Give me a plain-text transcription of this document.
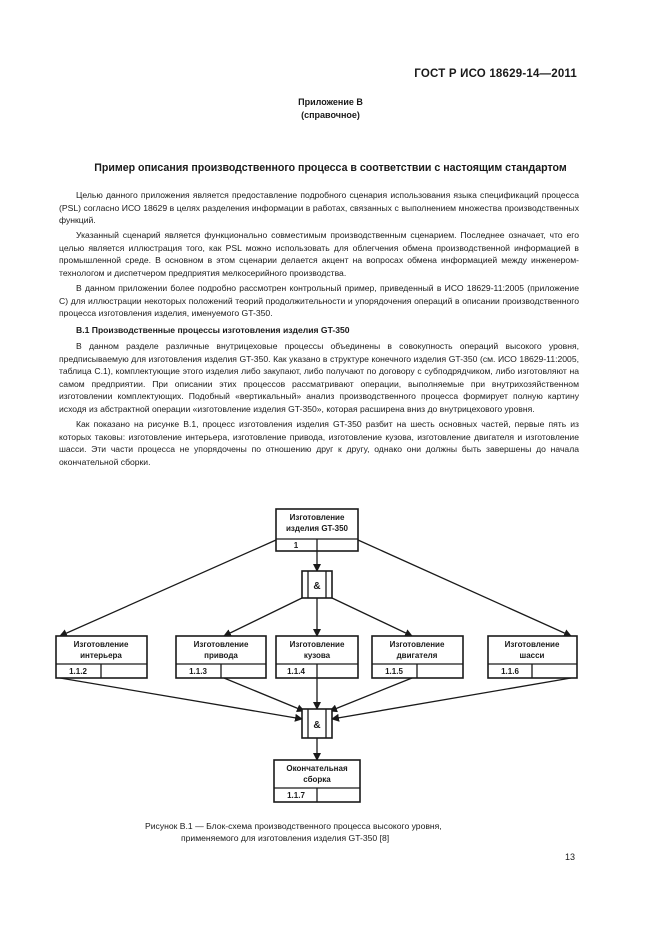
ГОСТ Р ИСО 18629-14—2011
Приложение В
(справочное)
Пример описания производственного процесса в соответствии с настоящим стандартом

Целью данного приложения является предоставление подробного сценария использования языка спецификаций процесса (PSL) согласно ИСО 18629 в целях разделения информации в работах, связанных с выполнением множества производственных функций.

Указанный сценарий является функционально совместимым производственным сценарием. Последнее означает, что его целью является иллюстрация того, как PSL можно использовать для облегчения обмена производственной информацией в промышленной среде. В основном в этом сценарии делается акцент на вопросах обмена информацией между инженером-технологом и диспетчером предприятия мелкосерийного производства.

В данном приложении более подробно рассмотрен контрольный пример, приведенный в ИСО 18629-11:2005 (приложение С) для иллюстрации некоторых положений теорий продолжительности и упорядочения операций в описании производственного процесса изготовления изделия, именуемого GT-350.

В.1 Производственные процессы изготовления изделия GT-350

В данном разделе различные внутрицеховые процессы объединены в совокупность операций высокого уровня, предписываемую для изготовления изделия GT-350. Как указано в структуре конечного изделия GT-350 (см. ИСО 18629-11:2005, таблица С.1), комплектующие этого изделия либо закупают, либо получают по договору с субподрядчиком, либо изготовляют на самом предприятии. При описании этих процессов рассматривают операции, выполняемые при внутрихозяйственном изготовлении комплектующих. Подобный «вертикальный» анализ производственного процесса формирует полную картину исходя из абстрактной операции «изготовление изделия GT-350», которая расширена вниз до внутрицехового уровня.

Как показано на рисунке В.1, процесс изготовления изделия GT-350 разбит на шесть основных частей, первые пять из которых таковы: изготовление интерьера, изготовление привода, изготовление кузова, изготовление двигателя и изготовление шасси. Эти части процесса не упорядочены по отношению друг к другу, однако они должны быть завершены до начала окончательной сборки.

Изготовление
изделия GT-350
1
&
Изготовление
интерьера
1.1.2
Изготовление
привода
1.1.3
Изготовление
кузова
1.1.4
Изготовление
двигателя
1.1.5
Изготовление
шасси
1.1.6
&
Окончательная
сборка
1.1.7
Рисунок В.1 — Блок-схема производственного процесса высокого уровня,
применяемого для изготовления изделия GT-350 [8]
13
